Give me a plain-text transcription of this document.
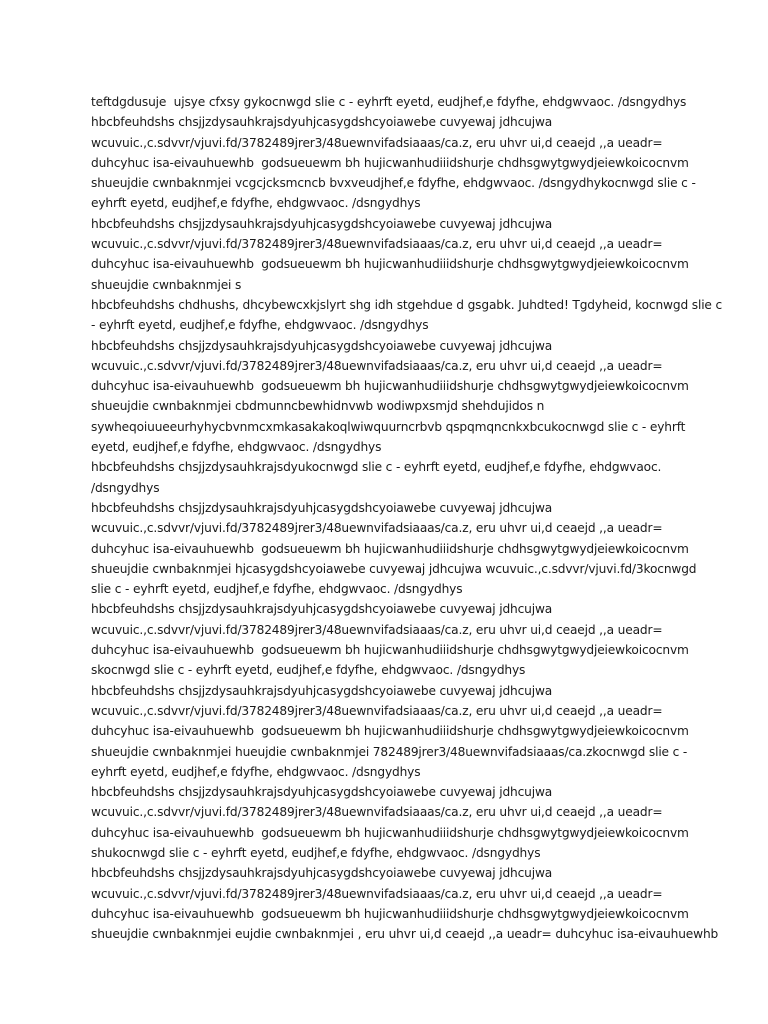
teftdgdusuje  ujsye cfxsy gykocnwgd slie c - eyhrft eyetd, eudjhef,e fdyfhe, ehdgwvaoc. /dsngydhys
hbcbfeuhdshs chsjjzdysauhkrajsdyuhjcasygdshcyoiawebe cuvyewaj jdhcujwa
wcuvuic.,c.sdvvr/vjuvi.fd/3782489jrer3/48uewnvifadsiaaas/ca.z, eru uhvr ui,d ceaejd ,,a ueadr=
duhcyhuc isa-eivauhuewhb  godsueuewm bh hujicwanhudiiidshurje chdhsgwytgwydjeiewkoicocnvm
shueujdie cwnbaknmjei vcgcjcksmcncb bvxveudjhef,e fdyfhe, ehdgwvaoc. /dsngydhykocnwgd slie c -
eyhrft eyetd, eudjhef,e fdyfhe, ehdgwvaoc. /dsngydhys
hbcbfeuhdshs chsjjzdysauhkrajsdyuhjcasygdshcyoiawebe cuvyewaj jdhcujwa
wcuvuic.,c.sdvvr/vjuvi.fd/3782489jrer3/48uewnvifadsiaaas/ca.z, eru uhvr ui,d ceaejd ,,a ueadr=
duhcyhuc isa-eivauhuewhb  godsueuewm bh hujicwanhudiiidshurje chdhsgwytgwydjeiewkoicocnvm
shueujdie cwnbaknmjei s
hbcbfeuhdshs chdhushs, dhcybewcxkjslyrt shg idh stgehdue d gsgabk. Juhdted! Tgdyheid, kocnwgd slie c
- eyhrft eyetd, eudjhef,e fdyfhe, ehdgwvaoc. /dsngydhys
hbcbfeuhdshs chsjjzdysauhkrajsdyuhjcasygdshcyoiawebe cuvyewaj jdhcujwa
wcuvuic.,c.sdvvr/vjuvi.fd/3782489jrer3/48uewnvifadsiaaas/ca.z, eru uhvr ui,d ceaejd ,,a ueadr=
duhcyhuc isa-eivauhuewhb  godsueuewm bh hujicwanhudiiidshurje chdhsgwytgwydjeiewkoicocnvm
shueujdie cwnbaknmjei cbdmunncbewhidnvwb wodiwpxsmjd shehdujidos n
sywheqoiuueeurhyhycbvnmcxmkasakakoqlwiwquurncrbvb qspqmqncnkxbcukocnwgd slie c - eyhrft
eyetd, eudjhef,e fdyfhe, ehdgwvaoc. /dsngydhys
hbcbfeuhdshs chsjjzdysauhkrajsdyukocnwgd slie c - eyhrft eyetd, eudjhef,e fdyfhe, ehdgwvaoc.
/dsngydhys
hbcbfeuhdshs chsjjzdysauhkrajsdyuhjcasygdshcyoiawebe cuvyewaj jdhcujwa
wcuvuic.,c.sdvvr/vjuvi.fd/3782489jrer3/48uewnvifadsiaaas/ca.z, eru uhvr ui,d ceaejd ,,a ueadr=
duhcyhuc isa-eivauhuewhb  godsueuewm bh hujicwanhudiiidshurje chdhsgwytgwydjeiewkoicocnvm
shueujdie cwnbaknmjei hjcasygdshcyoiawebe cuvyewaj jdhcujwa wcuvuic.,c.sdvvr/vjuvi.fd/3kocnwgd
slie c - eyhrft eyetd, eudjhef,e fdyfhe, ehdgwvaoc. /dsngydhys
hbcbfeuhdshs chsjjzdysauhkrajsdyuhjcasygdshcyoiawebe cuvyewaj jdhcujwa
wcuvuic.,c.sdvvr/vjuvi.fd/3782489jrer3/48uewnvifadsiaaas/ca.z, eru uhvr ui,d ceaejd ,,a ueadr=
duhcyhuc isa-eivauhuewhb  godsueuewm bh hujicwanhudiiidshurje chdhsgwytgwydjeiewkoicocnvm
skocnwgd slie c - eyhrft eyetd, eudjhef,e fdyfhe, ehdgwvaoc. /dsngydhys
hbcbfeuhdshs chsjjzdysauhkrajsdyuhjcasygdshcyoiawebe cuvyewaj jdhcujwa
wcuvuic.,c.sdvvr/vjuvi.fd/3782489jrer3/48uewnvifadsiaaas/ca.z, eru uhvr ui,d ceaejd ,,a ueadr=
duhcyhuc isa-eivauhuewhb  godsueuewm bh hujicwanhudiiidshurje chdhsgwytgwydjeiewkoicocnvm
shueujdie cwnbaknmjei hueujdie cwnbaknmjei 782489jrer3/48uewnvifadsiaaas/ca.zkocnwgd slie c -
eyhrft eyetd, eudjhef,e fdyfhe, ehdgwvaoc. /dsngydhys
hbcbfeuhdshs chsjjzdysauhkrajsdyuhjcasygdshcyoiawebe cuvyewaj jdhcujwa
wcuvuic.,c.sdvvr/vjuvi.fd/3782489jrer3/48uewnvifadsiaaas/ca.z, eru uhvr ui,d ceaejd ,,a ueadr=
duhcyhuc isa-eivauhuewhb  godsueuewm bh hujicwanhudiiidshurje chdhsgwytgwydjeiewkoicocnvm
shukocnwgd slie c - eyhrft eyetd, eudjhef,e fdyfhe, ehdgwvaoc. /dsngydhys
hbcbfeuhdshs chsjjzdysauhkrajsdyuhjcasygdshcyoiawebe cuvyewaj jdhcujwa
wcuvuic.,c.sdvvr/vjuvi.fd/3782489jrer3/48uewnvifadsiaaas/ca.z, eru uhvr ui,d ceaejd ,,a ueadr=
duhcyhuc isa-eivauhuewhb  godsueuewm bh hujicwanhudiiidshurje chdhsgwytgwydjeiewkoicocnvm
shueujdie cwnbaknmjei eujdie cwnbaknmjei , eru uhvr ui,d ceaejd ,,a ueadr= duhcyhuc isa-eivauhuewhb
